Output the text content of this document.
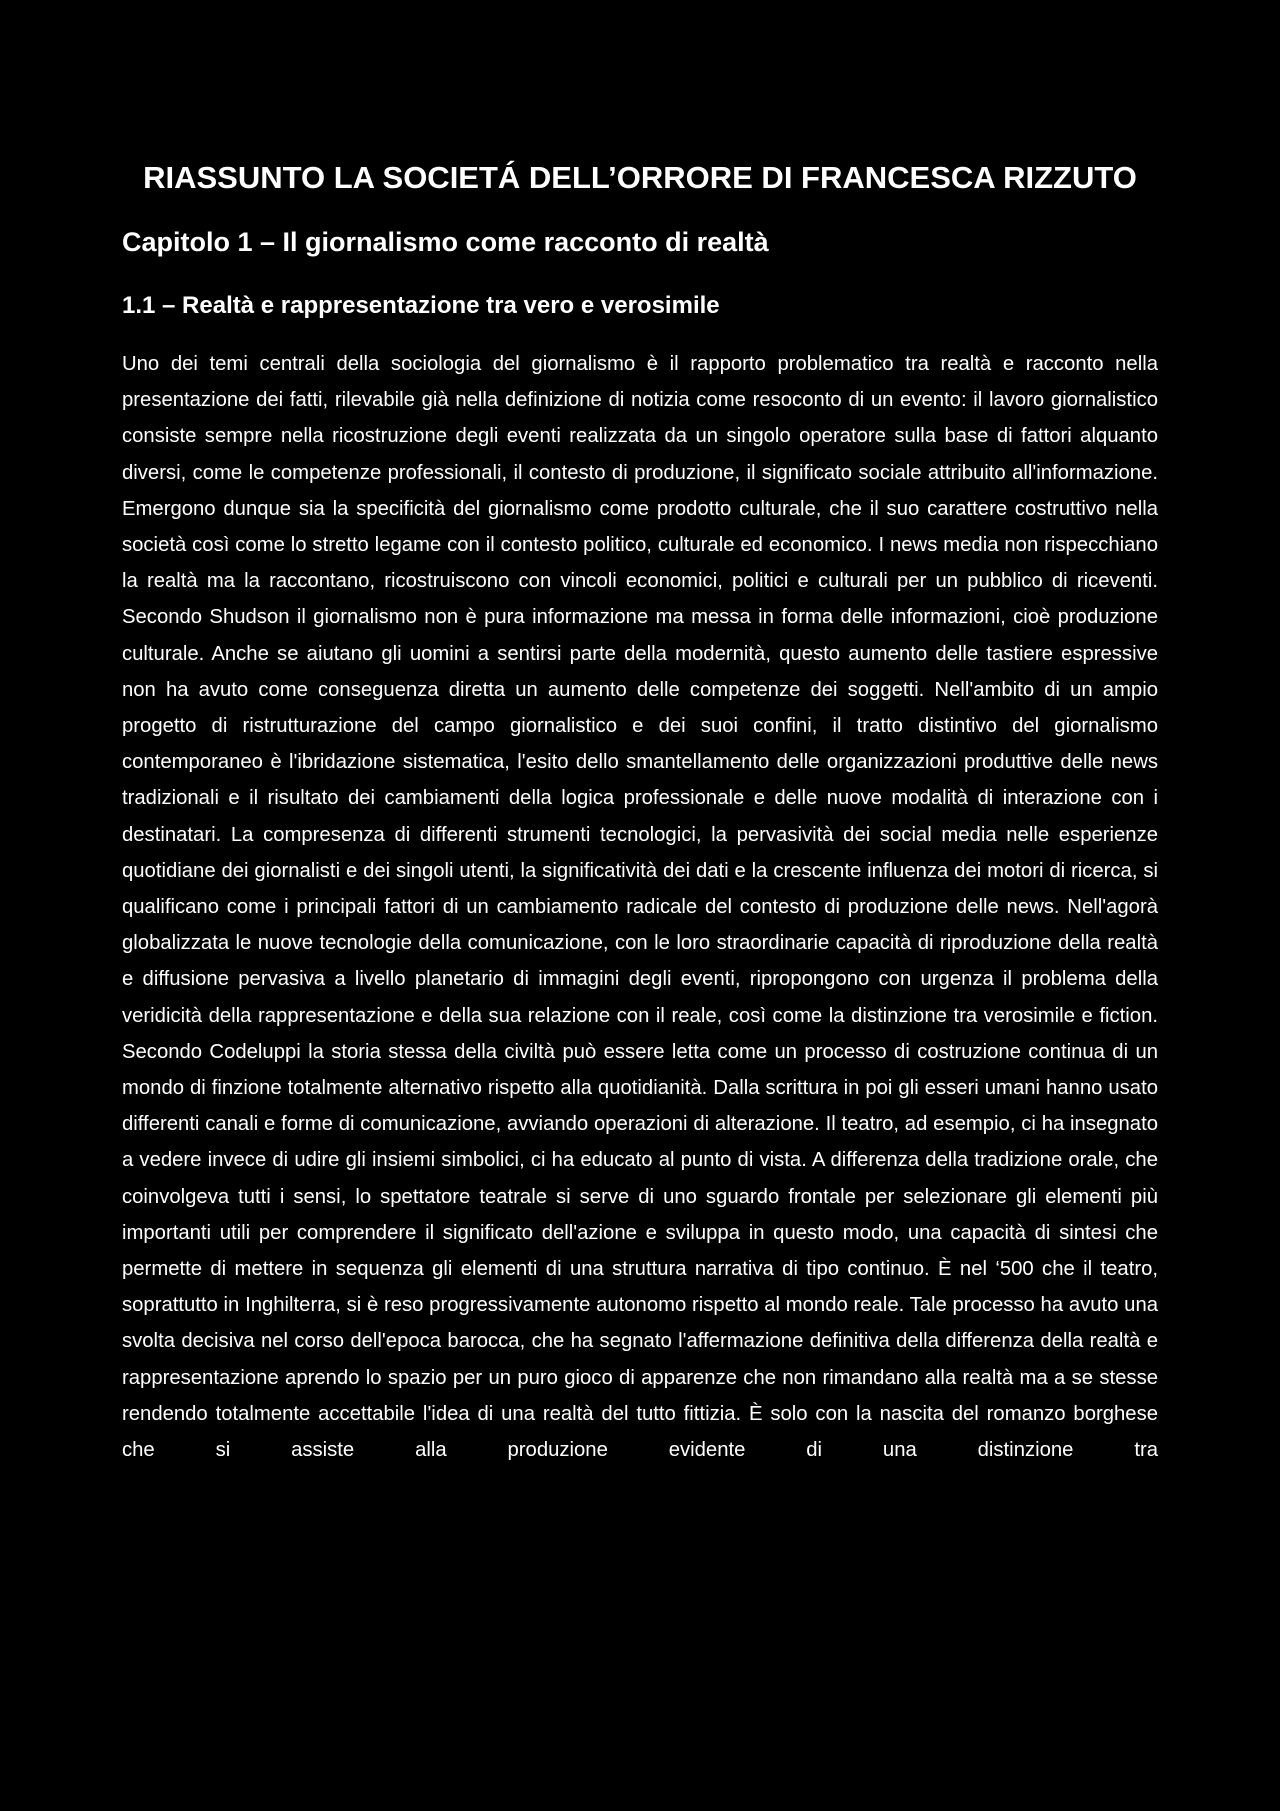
RIASSUNTO LA SOCIETÁ DELL’ORRORE DI FRANCESCA RIZZUTO
Capitolo 1 – Il giornalismo come racconto di realtà
1.1 – Realtà e rappresentazione tra vero e verosimile

Uno dei temi centrali della sociologia del giornalismo è il rapporto problematico tra realtà e racconto nella presentazione dei fatti, rilevabile già nella definizione di notizia come resoconto di un evento: il lavoro giornalistico consiste sempre nella ricostruzione degli eventi realizzata da un singolo operatore sulla base di fattori alquanto diversi, come le competenze professionali, il contesto di produzione, il significato sociale attribuito all'informazione. Emergono dunque sia la specificità del giornalismo come prodotto culturale, che il suo carattere costruttivo nella società così come lo stretto legame con il contesto politico, culturale ed economico. I news media non rispecchiano la realtà ma la raccontano, ricostruiscono con vincoli economici, politici e culturali per un pubblico di riceventi. Secondo Shudson il giornalismo non è pura informazione ma messa in forma delle informazioni, cioè produzione culturale. Anche se aiutano gli uomini a sentirsi parte della modernità, questo aumento delle tastiere espressive non ha avuto come conseguenza diretta un aumento delle competenze dei soggetti. Nell'ambito di un ampio progetto di ristrutturazione del campo giornalistico e dei suoi confini, il tratto distintivo del giornalismo contemporaneo è l'ibridazione sistematica, l'esito dello smantellamento delle organizzazioni produttive delle news tradizionali e il risultato dei cambiamenti della logica professionale e delle nuove modalità di interazione con i destinatari. La compresenza di differenti strumenti tecnologici, la pervasività dei social media nelle esperienze quotidiane dei giornalisti e dei singoli utenti, la significatività dei dati e la crescente influenza dei motori di ricerca, si qualificano come i principali fattori di un cambiamento radicale del contesto di produzione delle news. Nell'agorà globalizzata le nuove tecnologie della comunicazione, con le loro straordinarie capacità di riproduzione della realtà e diffusione pervasiva a livello planetario di immagini degli eventi, ripropongono con urgenza il problema della veridicità della rappresentazione e della sua relazione con il reale, così come la distinzione tra verosimile e fiction. Secondo Codeluppi la storia stessa della civiltà può essere letta come un processo di costruzione continua di un mondo di finzione totalmente alternativo rispetto alla quotidianità. Dalla scrittura in poi gli esseri umani hanno usato differenti canali e forme di comunicazione, avviando operazioni di alterazione. Il teatro, ad esempio, ci ha insegnato a vedere invece di udire gli insiemi simbolici, ci ha educato al punto di vista. A differenza della tradizione orale, che coinvolgeva tutti i sensi, lo spettatore teatrale si serve di uno sguardo frontale per selezionare gli elementi più importanti utili per comprendere il significato dell'azione e sviluppa in questo modo, una capacità di sintesi che permette di mettere in sequenza gli elementi di una struttura narrativa di tipo continuo. È nel ‘500 che il teatro, soprattutto in Inghilterra, si è reso progressivamente autonomo rispetto al mondo reale. Tale processo ha avuto una svolta decisiva nel corso dell'epoca barocca, che ha segnato l'affermazione definitiva della differenza della realtà e rappresentazione aprendo lo spazio per un puro gioco di apparenze che non rimandano alla realtà ma a se stesse rendendo totalmente accettabile l'idea di una realtà del tutto fittizia. È solo con la nascita del romanzo borghese che si assiste alla produzione evidente di una distinzione tra
